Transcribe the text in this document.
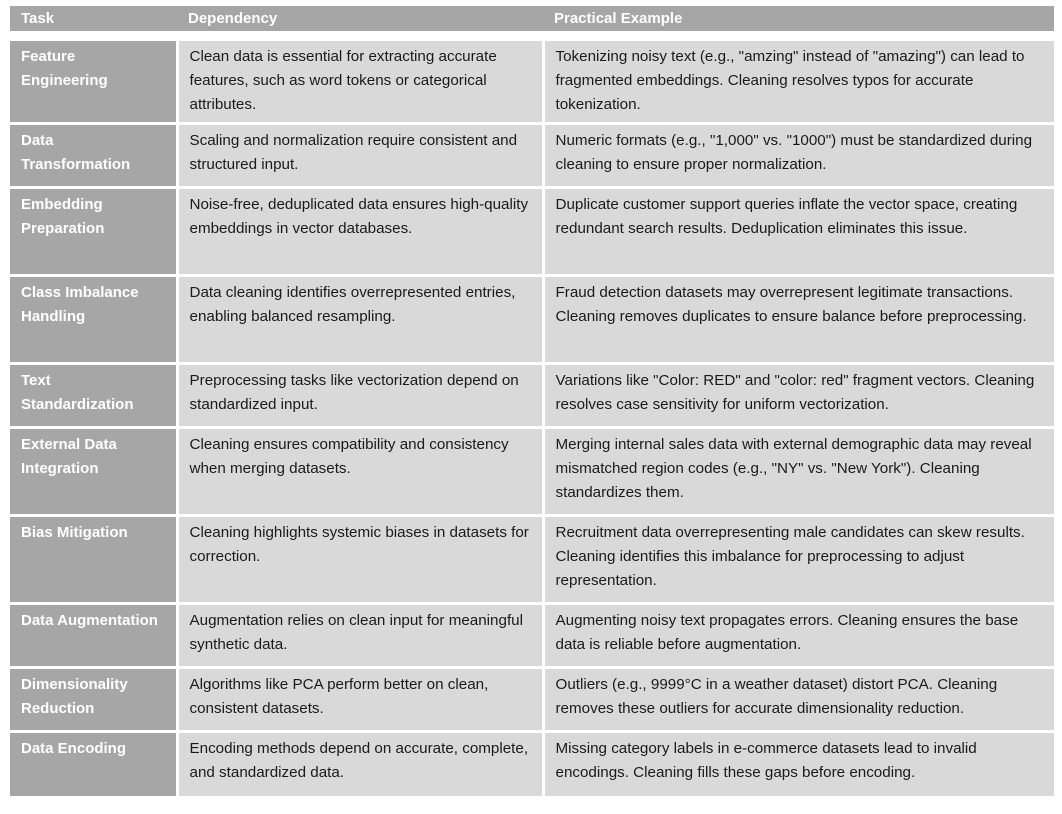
Task	Dependency	Practical Example
Feature Engineering	Clean data is essential for extracting accurate features, such as word tokens or categorical attributes.	Tokenizing noisy text (e.g., "amzing" instead of "amazing") can lead to fragmented embeddings. Cleaning resolves typos for accurate tokenization.
Data Transformation	Scaling and normalization require consistent and structured input.	Numeric formats (e.g., "1,000" vs. "1000") must be standardized during cleaning to ensure proper normalization.
Embedding Preparation	Noise-free, deduplicated data ensures high-quality embeddings in vector databases.	Duplicate customer support queries inflate the vector space, creating redundant search results. Deduplication eliminates this issue.
Class Imbalance Handling	Data cleaning identifies overrepresented entries, enabling balanced resampling.	Fraud detection datasets may overrepresent legitimate transactions. Cleaning removes duplicates to ensure balance before preprocessing.
Text Standardization	Preprocessing tasks like vectorization depend on standardized input.	Variations like "Color: RED" and "color: red" fragment vectors. Cleaning resolves case sensitivity for uniform vectorization.
External Data Integration	Cleaning ensures compatibility and consistency when merging datasets.	Merging internal sales data with external demographic data may reveal mismatched region codes (e.g., "NY" vs. "New York"). Cleaning standardizes them.
Bias Mitigation	Cleaning highlights systemic biases in datasets for correction.	Recruitment data overrepresenting male candidates can skew results. Cleaning identifies this imbalance for preprocessing to adjust representation.
Data Augmentation	Augmentation relies on clean input for meaningful synthetic data.	Augmenting noisy text propagates errors. Cleaning ensures the base data is reliable before augmentation.
Dimensionality Reduction	Algorithms like PCA perform better on clean, consistent datasets.	Outliers (e.g., 9999°C in a weather dataset) distort PCA. Cleaning removes these outliers for accurate dimensionality reduction.
Data Encoding	Encoding methods depend on accurate, complete, and standardized data.	Missing category labels in e-commerce datasets lead to invalid encodings. Cleaning fills these gaps before encoding.
